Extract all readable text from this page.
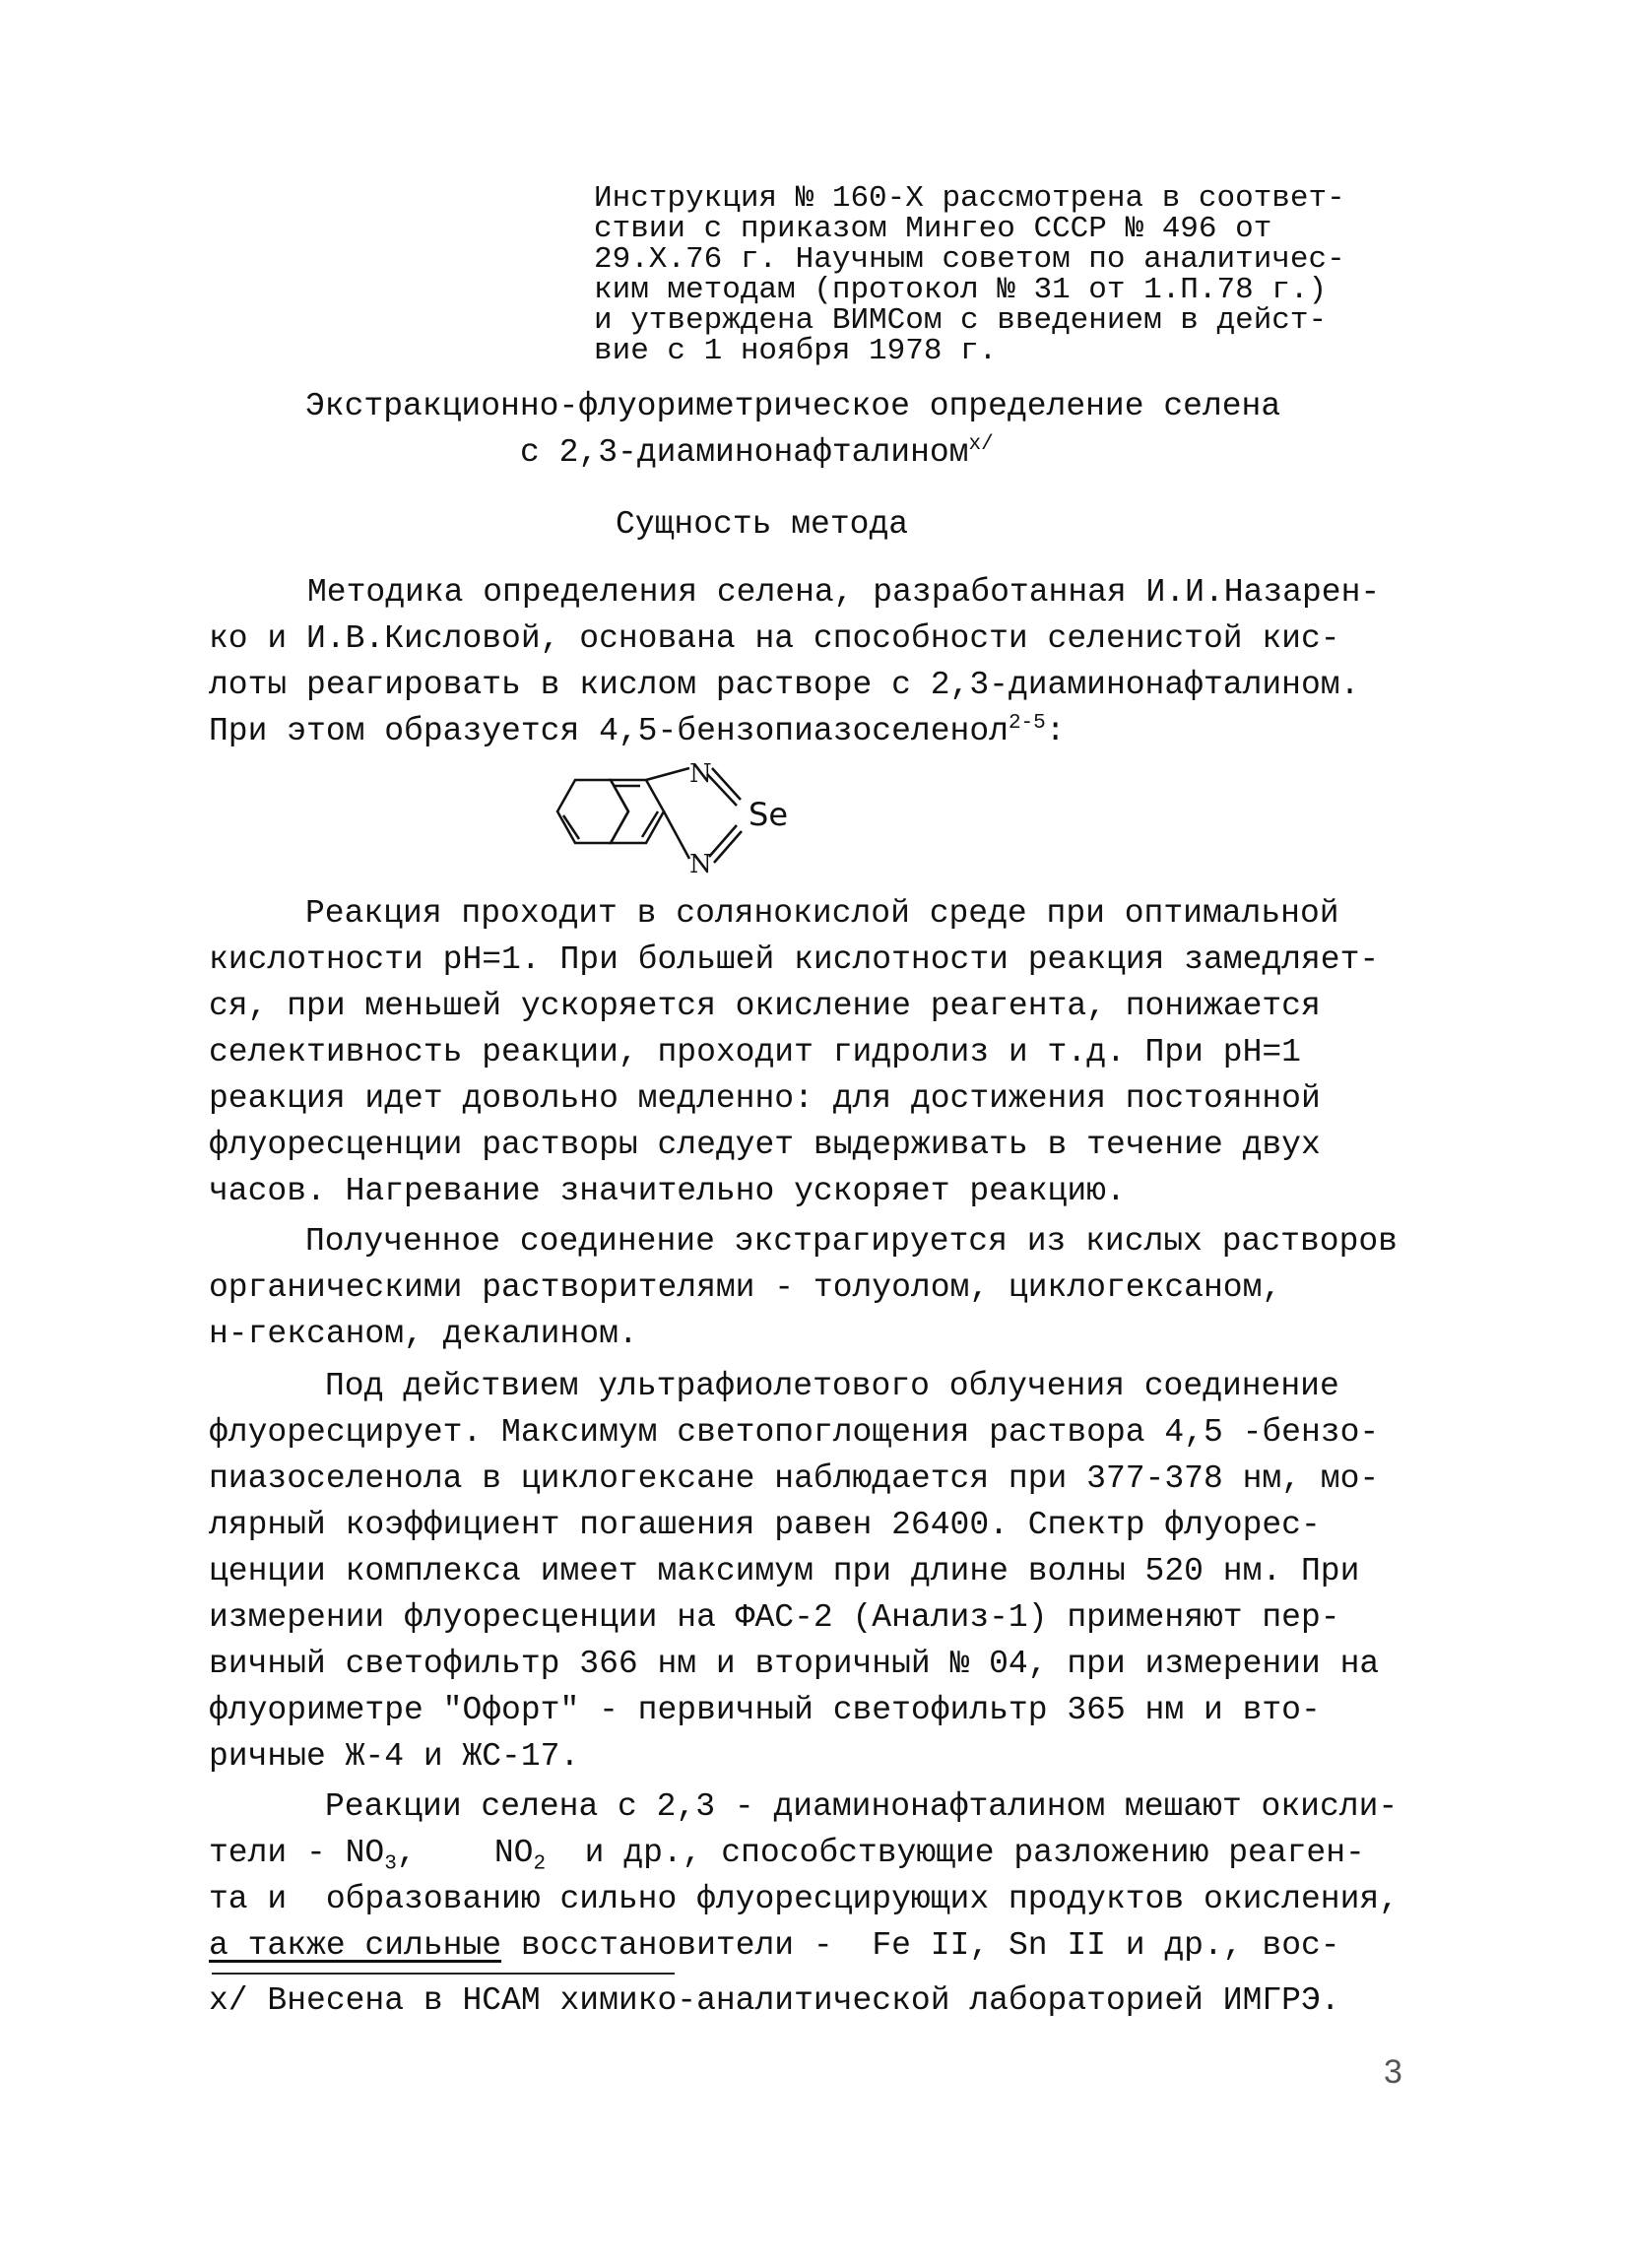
Инструкция № 160-Х рассмотрена в соответ-
ствии с приказом Мингео СССР № 496 от
29.Х.76 г. Научным советом по аналитичес-
ким методам (протокол № 31 от 1.П.78 г.)
и утверждена ВИМСом с введением в дейст-
вие с 1 ноября 1978 г.
Экстракционно-флуориметрическое определение селена
с 2,3-диаминонафталином$^{х/}$
Сущность метода
Методика определения селена, разработанная И.И.Назарен-
ко и И.В.Кисловой, основана на способности селенистой кис-
лоты реагировать в кислом растворе с 2,3-диаминонафталином.
При этом образуется 4,5-бензопиазоселенол$^{2-5}$:
N
N
Se
Реакция проходит в солянокислой среде при оптимальной
кислотности рН=1. При большей кислотности реакция замедляет-
ся, при меньшей ускоряется окисление реагента, понижается
селективность реакции, проходит гидролиз и т.д. При рН=1
реакция идет довольно медленно: для достижения постоянной
флуоресценции растворы следует выдерживать в течение двух
часов. Нагревание значительно ускоряет реакцию.
Полученное соединение экстрагируется из кислых растворов
органическими растворителями - толуолом, циклогексаном,
н-гексаном, декалином.
Под действием ультрафиолетового облучения соединение
флуоресцирует. Максимум светопоглощения раствора 4,5 -бензо-
пиазоселенола в циклогексане наблюдается при 377-378 нм, мо-
лярный коэффициент погашения равен 26400. Спектр флуорес-
ценции комплекса имеет максимум при длине волны 520 нм. При
измерении флуоресценции на ФАС-2 (Анализ-1) применяют пер-
вичный светофильтр 366 нм и вторичный № 04, при измерении на
флуориметре "Офорт" - первичный светофильтр 365 нм и вто-
ричные Ж-4 и ЖС-17.
Реакции селена с 2,3 - диаминонафталином мешают окисли-
тели - $NO_3$,    $NO_2$  и др., способствующие разложению реаген-
та и  образованию сильно флуоресцирующих продуктов окисления,
а также сильные восстановители -  Fe II, Sn II и др., вос-
х/ Внесена в НСАМ химико-аналитической лабораторией ИМГРЭ.
3
